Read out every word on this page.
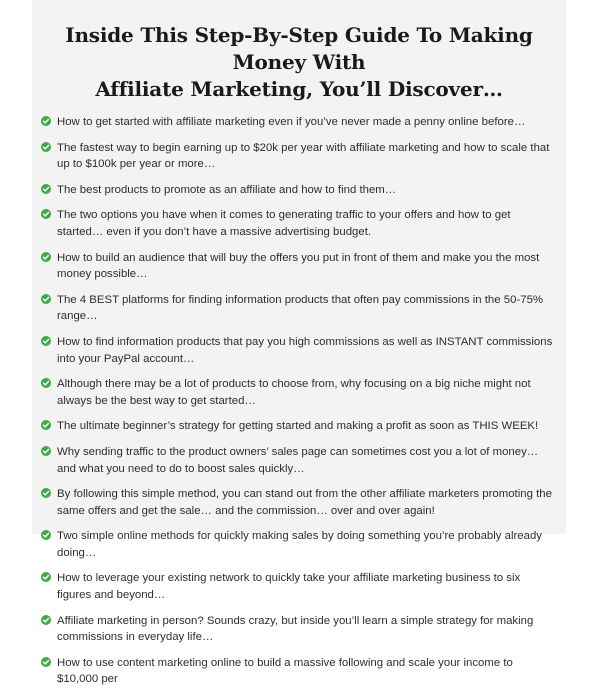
Inside This Step-By-Step Guide To Making Money With
Affiliate Marketing, You’ll Discover…
How to get started with affiliate marketing even if you’ve never made a penny online before…
The fastest way to begin earning up to $20k per year with affiliate marketing and how to scale that up to $100k per year or more…
The best products to promote as an affiliate and how to find them…
The two options you have when it comes to generating traffic to your offers and how to get started… even if you don’t have a massive advertising budget.
How to build an audience that will buy the offers you put in front of them and make you the most money possible…
The 4 BEST platforms for finding information products that often pay commissions in the 50-75% range…
How to find information products that pay you high commissions as well as INSTANT commissions into your PayPal account…
Although there may be a lot of products to choose from, why focusing on a big niche might not always be the best way to get started…
The ultimate beginner’s strategy for getting started and making a profit as soon as THIS WEEK!
Why sending traffic to the product owners’ sales page can sometimes cost you a lot of money… and what you need to do to boost sales quickly…
By following this simple method, you can stand out from the other affiliate marketers promoting the same offers and get the sale… and the commission… over and over again!
Two simple online methods for quickly making sales by doing something you’re probably already doing…
How to leverage your existing network to quickly take your affiliate marketing business to six figures and beyond…
Affiliate marketing in person? Sounds crazy, but inside you’ll learn a simple strategy for making commissions in everyday life…
How to use content marketing online to build a massive following and scale your income to $10,000 per
